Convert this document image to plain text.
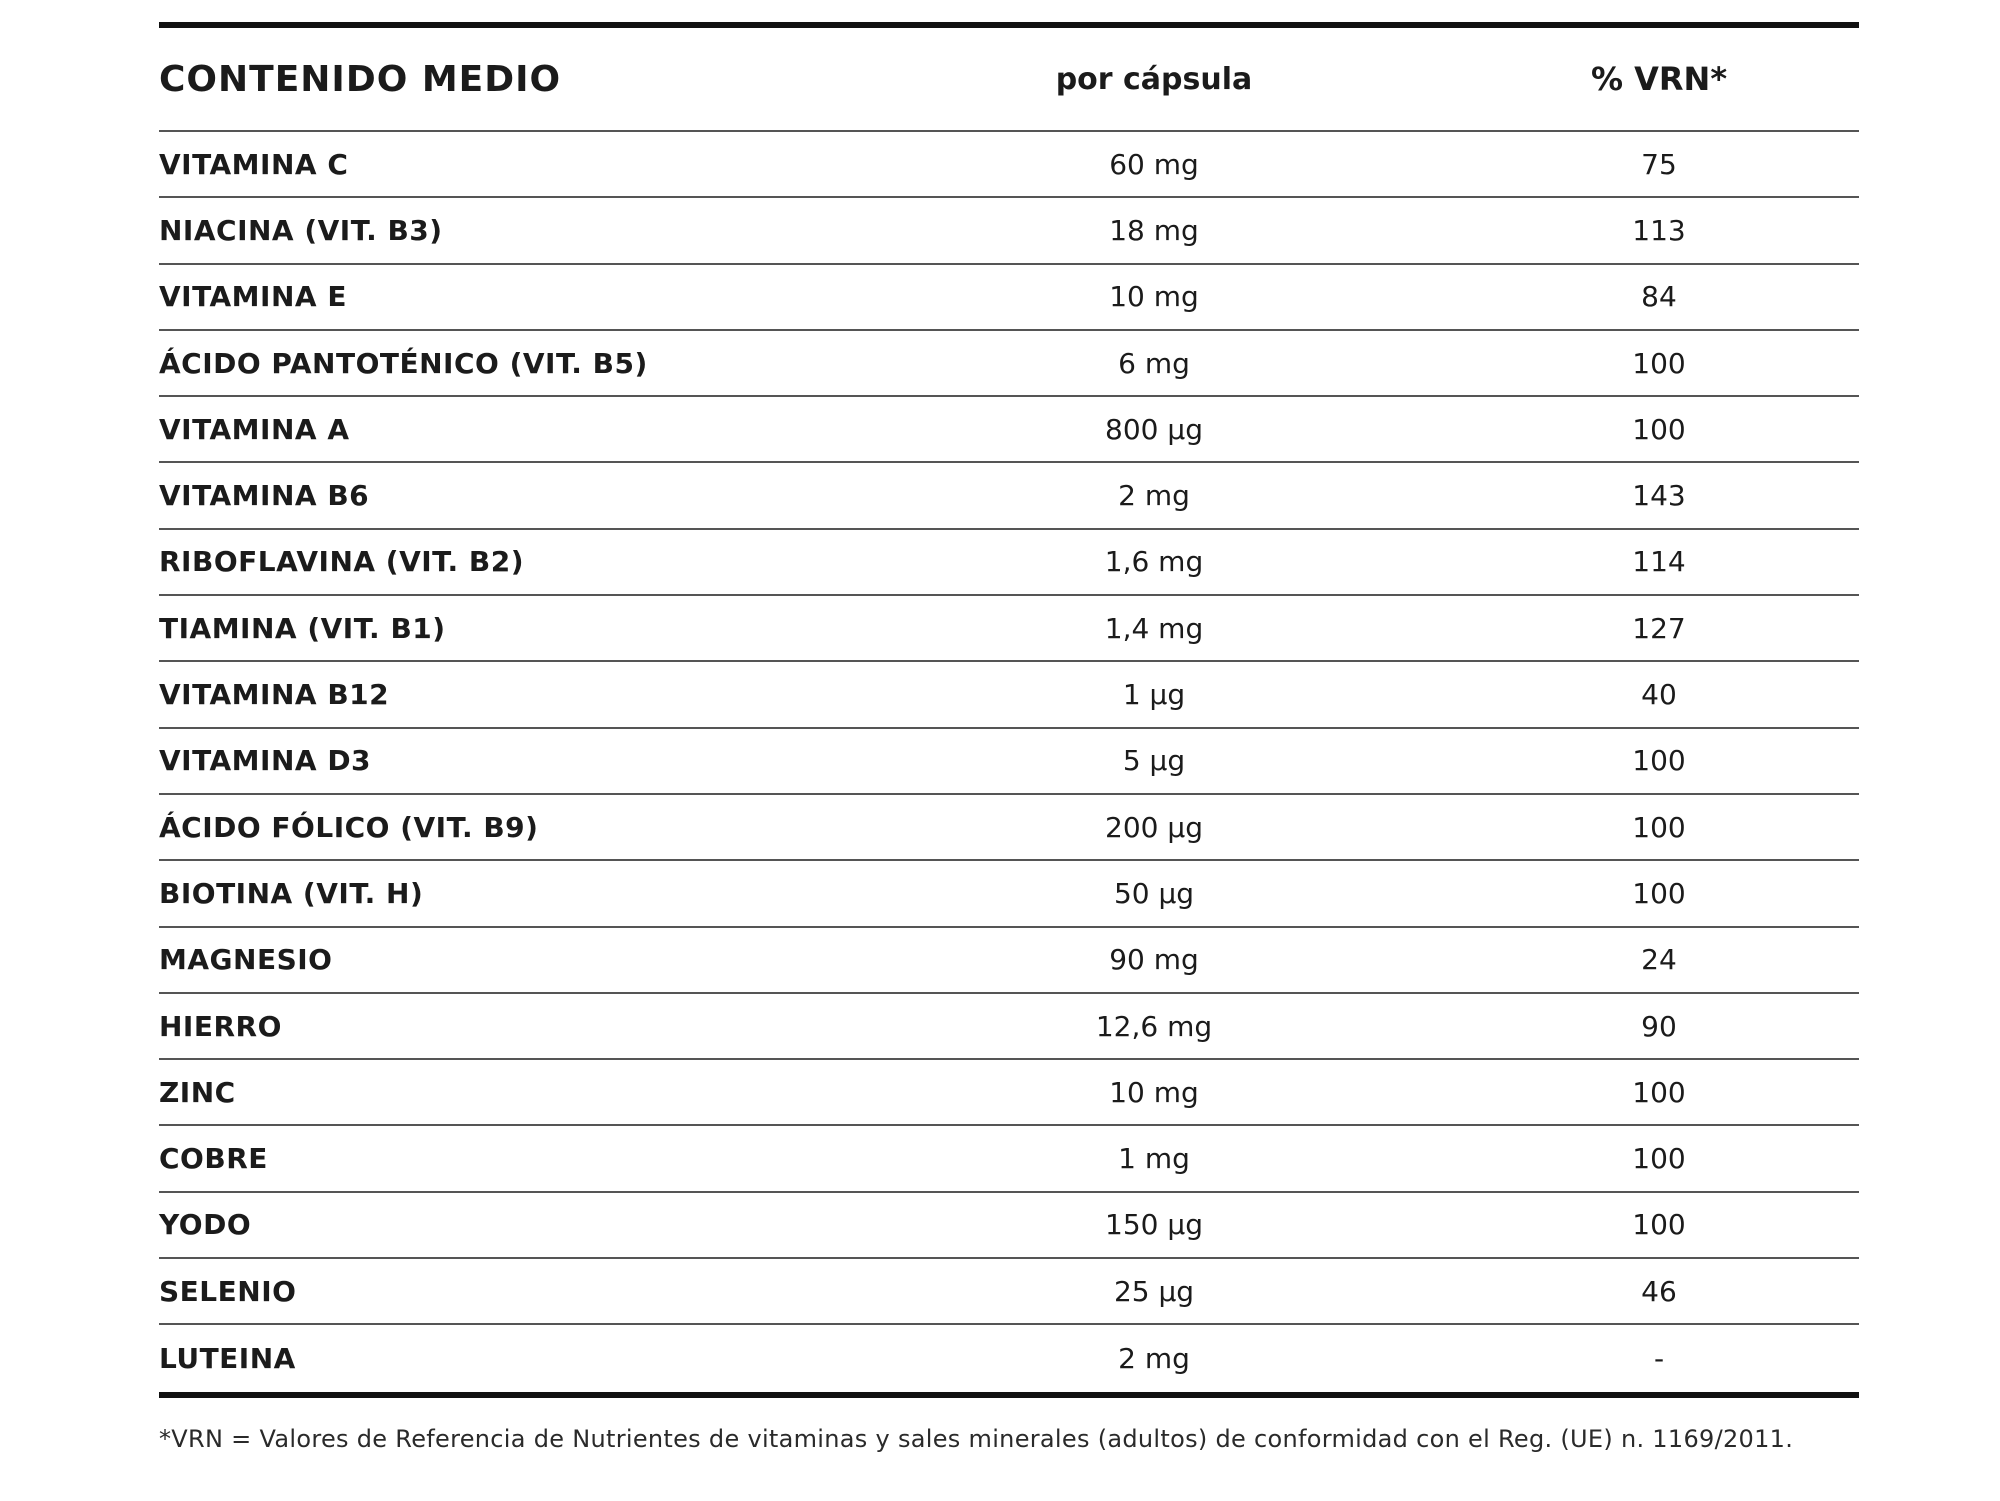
CONTENIDO MEDIO	por cápsula	% VRN*
VITAMINA C	60 mg	75
NIACINA (VIT. B3)	18 mg	113
VITAMINA E	10 mg	84
ÁCIDO PANTOTÉNICO (VIT. B5)	6 mg	100
VITAMINA A	800 µg	100
VITAMINA B6	2 mg	143
RIBOFLAVINA (VIT. B2)	1,6 mg	114
TIAMINA (VIT. B1)	1,4 mg	127
VITAMINA B12	1 µg	40
VITAMINA D3	5 µg	100
ÁCIDO FÓLICO (VIT. B9)	200 µg	100
BIOTINA (VIT. H)	50 µg	100
MAGNESIO	90 mg	24
HIERRO	12,6 mg	90
ZINC	10 mg	100
COBRE	1 mg	100
YODO	150 µg	100
SELENIO	25 µg	46
LUTEINA	2 mg	-
*VRN = Valores de Referencia de Nutrientes de vitaminas y sales minerales (adultos) de conformidad con el Reg. (UE) n. 1169/2011.
